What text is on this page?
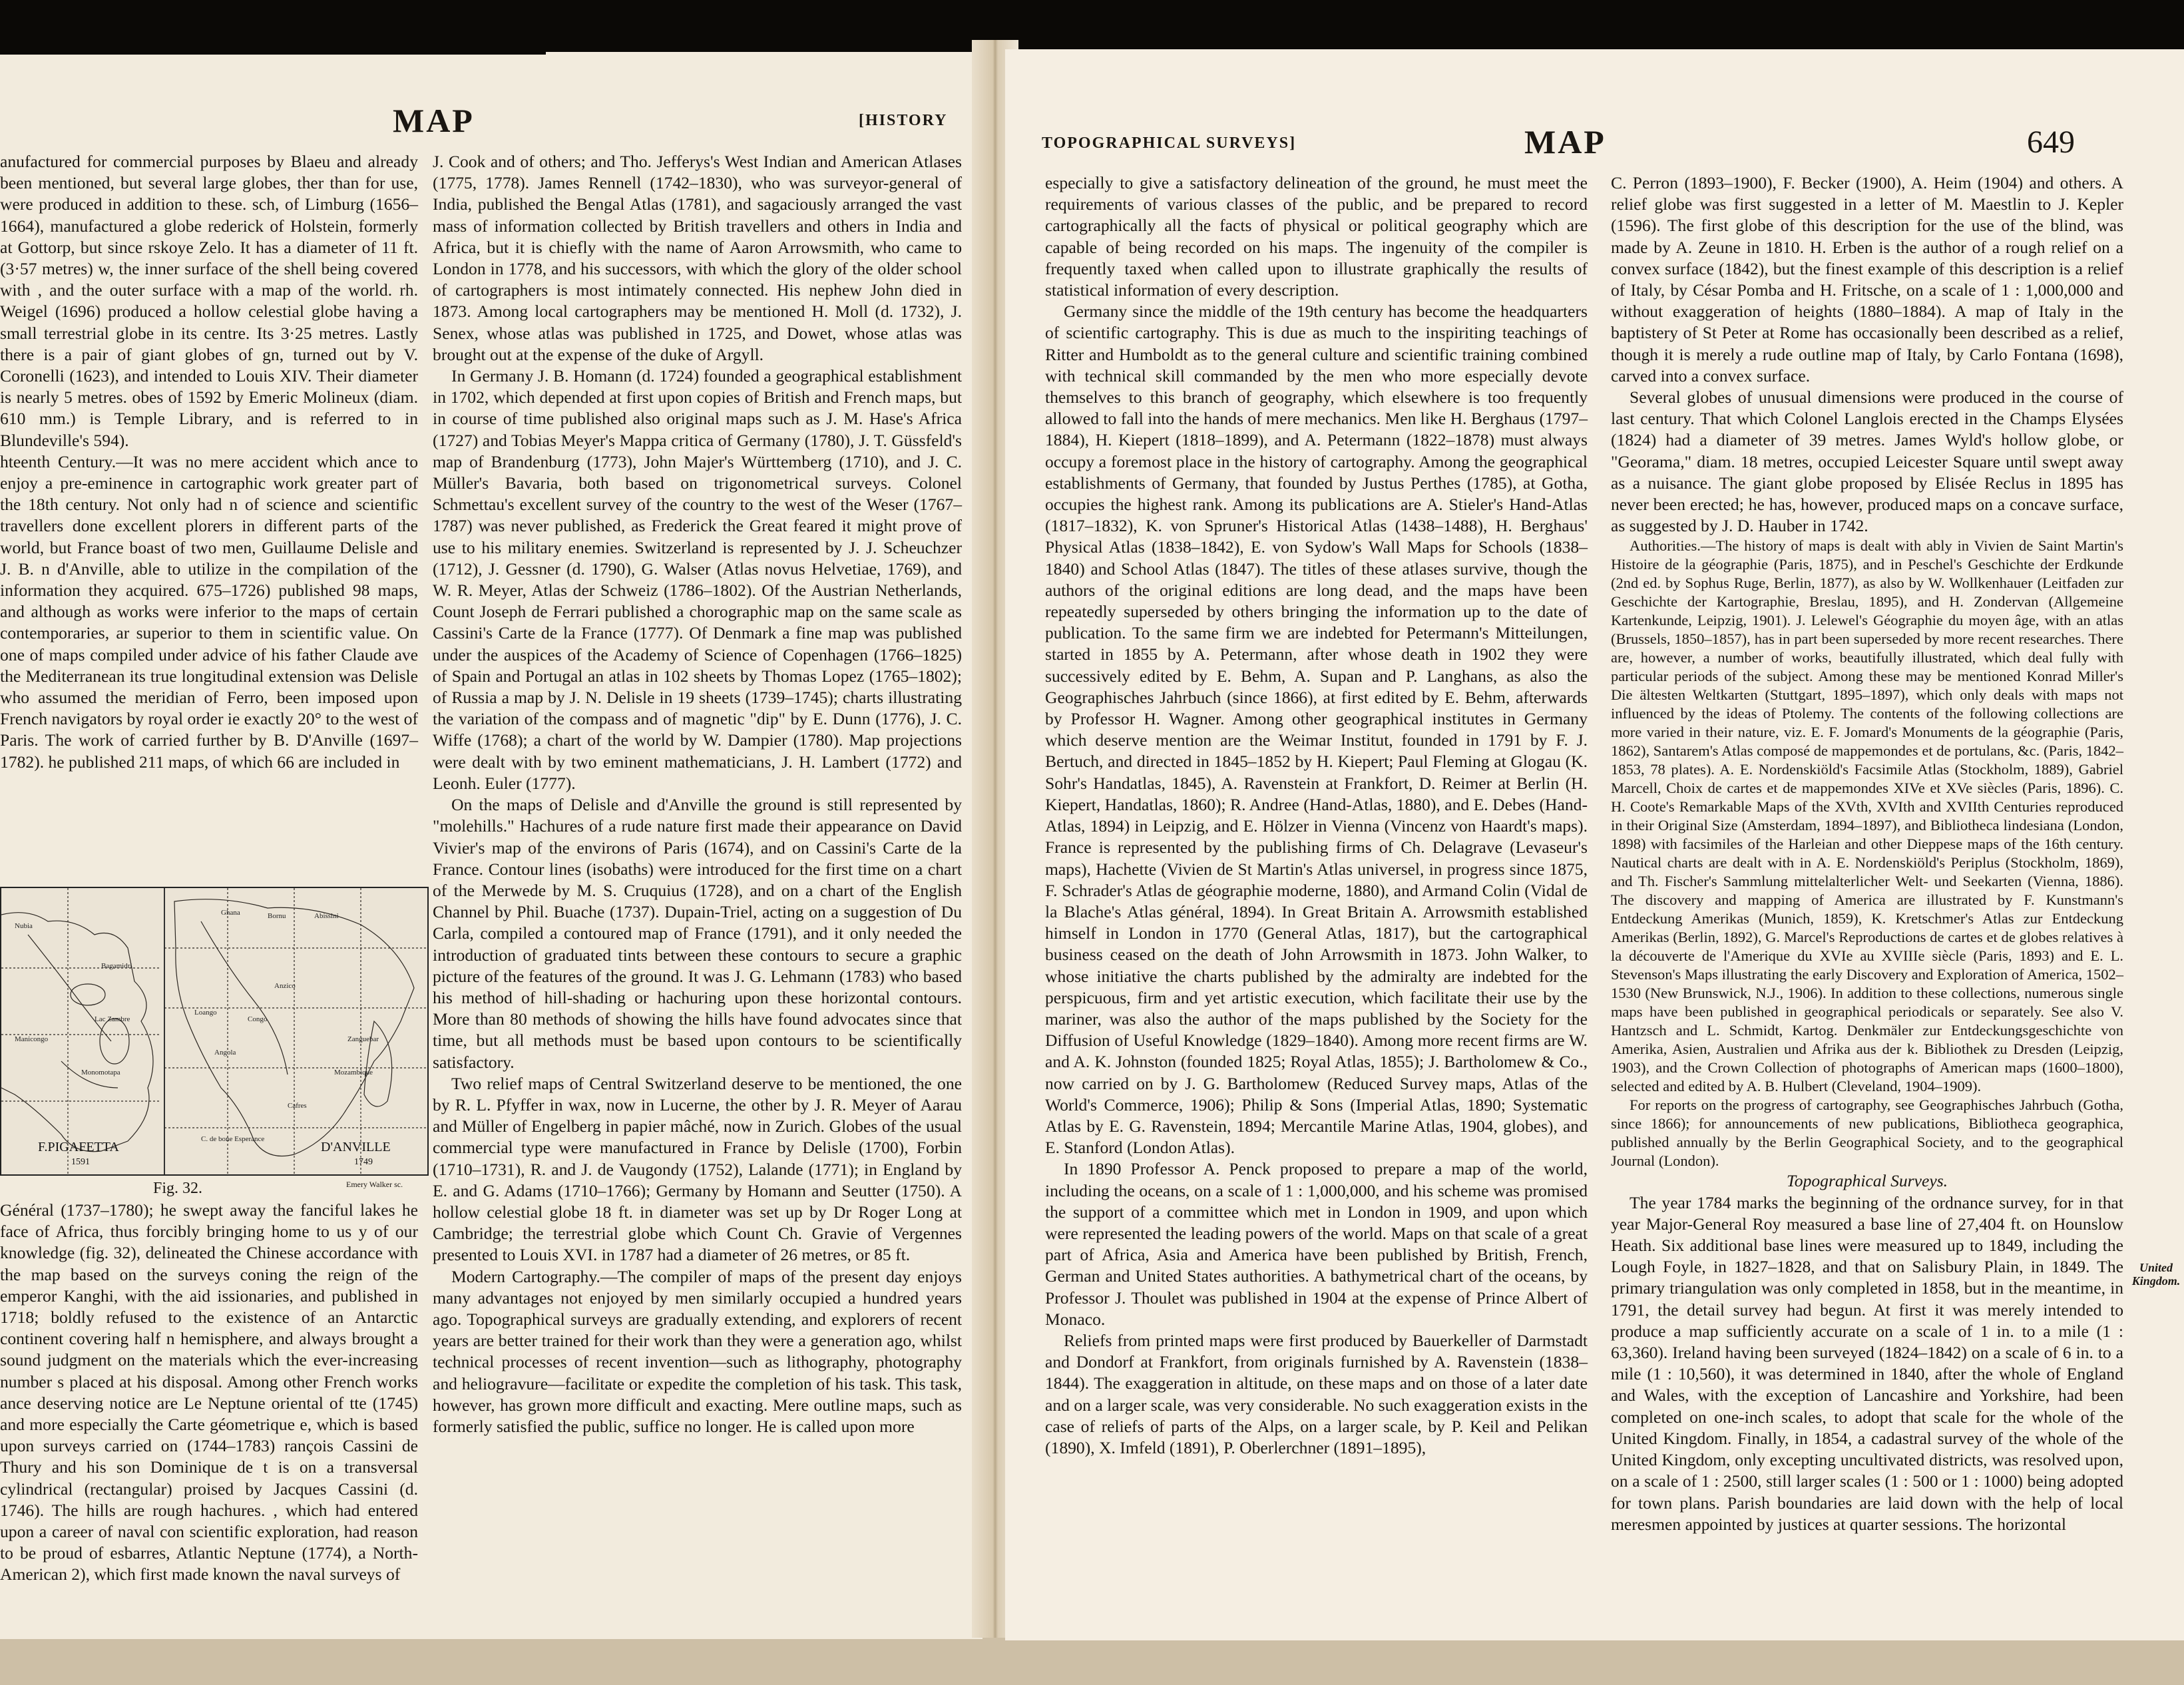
MAP	[HISTORY

anufactured for commercial purposes by Blaeu and already been mentioned, but several large globes, ther than for use, were produced in addition to these. sch, of Limburg (1656–1664), manufactured a globe rederick of Holstein, formerly at Gottorp, but since rskoye Zelo. It has a diameter of 11 ft. (3·57 metres) w, the inner surface of the shell being covered with , and the outer surface with a map of the world. rh. Weigel (1696) produced a hollow celestial globe having a small terrestrial globe in its centre. Its 3·25 metres. Lastly there is a pair of giant globes of gn, turned out by V. Coronelli (1623), and intended to Louis XIV. Their diameter is nearly 5 metres. obes of 1592 by Emeric Molineux (diam. 610 mm.) is Temple Library, and is referred to in Blundeville's 594).

hteenth Century.—It was no mere accident which ance to enjoy a pre-eminence in cartographic work greater part of the 18th century. Not only had n of science and scientific travellers done excellent plorers in different parts of the world, but France boast of two men, Guillaume Delisle and J. B. n d'Anville, able to utilize in the compilation of the information they acquired. 675–1726) published 98 maps, and although as works were inferior to the maps of certain contemporaries, ar superior to them in scientific value. On one of maps compiled under advice of his father Claude ave the Mediterranean its true longitudinal extension was Delisle who assumed the meridian of Ferro, been imposed upon French navigators by royal order ie exactly 20° to the west of Paris. The work of carried further by B. D'Anville (1697–1782). he published 211 maps, of which 66 are included in

Nubia
Abissini
Ghana	Bornu
Loango
Congo
Angola
Monomotapa	Mozambique
Cafres
Manicongo
Anzico
Lac Zambre
Bagamidri
Zanguebar
C. de bone Esperance
F.PIGAFETTA
1591
D'ANVILLE
1749
Fig. 32.	Emery Walker sc.

Général (1737–1780); he swept away the fanciful lakes he face of Africa, thus forcibly bringing home to us y of our knowledge (fig. 32), delineated the Chinese accordance with the map based on the surveys coning the reign of the emperor Kanghi, with the aid issionaries, and published in 1718; boldly refused to the existence of an Antarctic continent covering half n hemisphere, and always brought a sound judgment on the materials which the ever-increasing number s placed at his disposal. Among other French works ance deserving notice are Le Neptune oriental of tte (1745) and more especially the Carte géometrique e, which is based upon surveys carried on (1744–1783) rançois Cassini de Thury and his son Dominique de t is on a transversal cylindrical (rectangular) proised by Jacques Cassini (d. 1746). The hills are rough hachures. , which had entered upon a career of naval con scientific exploration, had reason to be proud of esbarres, Atlantic Neptune (1774), a North-American 2), which first made known the naval surveys of

J. Cook and of others; and Tho. Jefferys's West Indian and American Atlases (1775, 1778). James Rennell (1742–1830), who was surveyor-general of India, published the Bengal Atlas (1781), and sagaciously arranged the vast mass of information collected by British travellers and others in India and Africa, but it is chiefly with the name of Aaron Arrowsmith, who came to London in 1778, and his successors, with which the glory of the older school of cartographers is most intimately connected. His nephew John died in 1873. Among local cartographers may be mentioned H. Moll (d. 1732), J. Senex, whose atlas was published in 1725, and Dowet, whose atlas was brought out at the expense of the duke of Argyll.

In Germany J. B. Homann (d. 1724) founded a geographical establishment in 1702, which depended at first upon copies of British and French maps, but in course of time published also original maps such as J. M. Hase's Africa (1727) and Tobias Meyer's Mappa critica of Germany (1780), J. T. Güssfeld's map of Brandenburg (1773), John Majer's Württemberg (1710), and J. C. Müller's Bavaria, both based on trigonometrical surveys. Colonel Schmettau's excellent survey of the country to the west of the Weser (1767–1787) was never published, as Frederick the Great feared it might prove of use to his military enemies. Switzerland is represented by J. J. Scheuchzer (1712), J. Gessner (d. 1790), G. Walser (Atlas novus Helvetiae, 1769), and W. R. Meyer, Atlas der Schweiz (1786–1802). Of the Austrian Netherlands, Count Joseph de Ferrari published a chorographic map on the same scale as Cassini's Carte de la France (1777). Of Denmark a fine map was published under the auspices of the Academy of Science of Copenhagen (1766–1825) of Spain and Portugal an atlas in 102 sheets by Thomas Lopez (1765–1802); of Russia a map by J. N. Delisle in 19 sheets (1739–1745); charts illustrating the variation of the compass and of magnetic "dip" by E. Dunn (1776), J. C. Wiffe (1768); a chart of the world by W. Dampier (1780). Map projections were dealt with by two eminent mathematicians, J. H. Lambert (1772) and Leonh. Euler (1777).

On the maps of Delisle and d'Anville the ground is still represented by "molehills." Hachures of a rude nature first made their appearance on David Vivier's map of the environs of Paris (1674), and on Cassini's Carte de la France. Contour lines (isobaths) were introduced for the first time on a chart of the Merwede by M. S. Cruquius (1728), and on a chart of the English Channel by Phil. Buache (1737). Dupain-Triel, acting on a suggestion of Du Carla, compiled a contoured map of France (1791), and it only needed the introduction of graduated tints between these contours to secure a graphic picture of the features of the ground. It was J. G. Lehmann (1783) who based his method of hill-shading or hachuring upon these horizontal contours. More than 80 methods of showing the hills have found advocates since that time, but all methods must be based upon contours to be scientifically satisfactory.

Two relief maps of Central Switzerland deserve to be mentioned, the one by R. L. Pfyffer in wax, now in Lucerne, the other by J. R. Meyer of Aarau and Müller of Engelberg in papier mâché, now in Zurich. Globes of the usual commercial type were manufactured in France by Delisle (1700), Forbin (1710–1731), R. and J. de Vaugondy (1752), Lalande (1771); in England by E. and G. Adams (1710–1766); Germany by Homann and Seutter (1750). A hollow celestial globe 18 ft. in diameter was set up by Dr Roger Long at Cambridge; the terrestrial globe which Count Ch. Gravie of Vergennes presented to Louis XVI. in 1787 had a diameter of 26 metres, or 85 ft.

Modern Cartography.—The compiler of maps of the present day enjoys many advantages not enjoyed by men similarly occupied a hundred years ago. Topographical surveys are gradually extending, and explorers of recent years are better trained for their work than they were a generation ago, whilst technical processes of recent invention—such as lithography, photography and heliogravure—facilitate or expedite the completion of his task. This task, however, has grown more difficult and exacting. Mere outline maps, such as formerly satisfied the public, suffice no longer. He is called upon more

TOPOGRAPHICAL SURVEYS]	MAP	649

especially to give a satisfactory delineation of the ground, he must meet the requirements of various classes of the public, and be prepared to record cartographically all the facts of physical or political geography which are capable of being recorded on his maps. The ingenuity of the compiler is frequently taxed when called upon to illustrate graphically the results of statistical information of every description.

Germany since the middle of the 19th century has become the headquarters of scientific cartography. This is due as much to the inspiriting teachings of Ritter and Humboldt as to the general culture and scientific training combined with technical skill commanded by the men who more especially devote themselves to this branch of geography, which elsewhere is too frequently allowed to fall into the hands of mere mechanics. Men like H. Berghaus (1797–1884), H. Kiepert (1818–1899), and A. Petermann (1822–1878) must always occupy a foremost place in the history of cartography. Among the geographical establishments of Germany, that founded by Justus Perthes (1785), at Gotha, occupies the highest rank. Among its publications are A. Stieler's Hand-Atlas (1817–1832), K. von Spruner's Historical Atlas (1438–1488), H. Berghaus' Physical Atlas (1838–1842), E. von Sydow's Wall Maps for Schools (1838–1840) and School Atlas (1847). The titles of these atlases survive, though the authors of the original editions are long dead, and the maps have been repeatedly superseded by others bringing the information up to the date of publication. To the same firm we are indebted for Petermann's Mitteilungen, started in 1855 by A. Petermann, after whose death in 1902 they were successively edited by E. Behm, A. Supan and P. Langhans, as also the Geographisches Jahrbuch (since 1866), at first edited by E. Behm, afterwards by Professor H. Wagner. Among other geographical institutes in Germany which deserve mention are the Weimar Institut, founded in 1791 by F. J. Bertuch, and directed in 1845–1852 by H. Kiepert; Paul Fleming at Glogau (K. Sohr's Handatlas, 1845), A. Ravenstein at Frankfort, D. Reimer at Berlin (H. Kiepert, Handatlas, 1860); R. Andree (Hand-Atlas, 1880), and E. Debes (Hand-Atlas, 1894) in Leipzig, and E. Hölzer in Vienna (Vincenz von Haardt's maps). France is represented by the publishing firms of Ch. Delagrave (Levaseur's maps), Hachette (Vivien de St Martin's Atlas universel, in progress since 1875, F. Schrader's Atlas de géographie moderne, 1880), and Armand Colin (Vidal de la Blache's Atlas général, 1894). In Great Britain A. Arrowsmith established himself in London in 1770 (General Atlas, 1817), but the cartographical business ceased on the death of John Arrowsmith in 1873. John Walker, to whose initiative the charts published by the admiralty are indebted for the perspicuous, firm and yet artistic execution, which facilitate their use by the mariner, was also the author of the maps published by the Society for the Diffusion of Useful Knowledge (1829–1840). Among more recent firms are W. and A. K. Johnston (founded 1825; Royal Atlas, 1855); J. Bartholomew & Co., now carried on by J. G. Bartholomew (Reduced Survey maps, Atlas of the World's Commerce, 1906); Philip & Sons (Imperial Atlas, 1890; Systematic Atlas by E. G. Ravenstein, 1894; Mercantile Marine Atlas, 1904, globes), and E. Stanford (London Atlas).

In 1890 Professor A. Penck proposed to prepare a map of the world, including the oceans, on a scale of 1 : 1,000,000, and his scheme was promised the support of a committee which met in London in 1909, and upon which were represented the leading powers of the world. Maps on that scale of a great part of Africa, Asia and America have been published by British, French, German and United States authorities. A bathymetrical chart of the oceans, by Professor J. Thoulet was published in 1904 at the expense of Prince Albert of Monaco.

Reliefs from printed maps were first produced by Bauerkeller of Darmstadt and Dondorf at Frankfort, from originals furnished by A. Ravenstein (1838–1844). The exaggeration in altitude, on these maps and on those of a later date and on a larger scale, was very considerable. No such exaggeration exists in the case of reliefs of parts of the Alps, on a larger scale, by P. Keil and Pelikan (1890), X. Imfeld (1891), P. Oberlerchner (1891–1895),

C. Perron (1893–1900), F. Becker (1900), A. Heim (1904) and others. A relief globe was first suggested in a letter of M. Maestlin to J. Kepler (1596). The first globe of this description for the use of the blind, was made by A. Zeune in 1810. H. Erben is the author of a rough relief on a convex surface (1842), but the finest example of this description is a relief of Italy, by César Pomba and H. Fritsche, on a scale of 1 : 1,000,000 and without exaggeration of heights (1880–1884). A map of Italy in the baptistery of St Peter at Rome has occasionally been described as a relief, though it is merely a rude outline map of Italy, by Carlo Fontana (1698), carved into a convex surface.

Several globes of unusual dimensions were produced in the course of last century. That which Colonel Langlois erected in the Champs Elysées (1824) had a diameter of 39 metres. James Wyld's hollow globe, or "Georama," diam. 18 metres, occupied Leicester Square until swept away as a nuisance. The giant globe proposed by Elisée Reclus in 1895 has never been erected; he has, however, produced maps on a concave surface, as suggested by J. D. Hauber in 1742.

Authorities.—The history of maps is dealt with ably in Vivien de Saint Martin's Histoire de la géographie (Paris, 1875), and in Peschel's Geschichte der Erdkunde (2nd ed. by Sophus Ruge, Berlin, 1877), as also by W. Wollkenhauer (Leitfaden zur Geschichte der Kartographie, Breslau, 1895), and H. Zondervan (Allgemeine Kartenkunde, Leipzig, 1901). J. Lelewel's Géographie du moyen âge, with an atlas (Brussels, 1850–1857), has in part been superseded by more recent researches. There are, however, a number of works, beautifully illustrated, which deal fully with particular periods of the subject. Among these may be mentioned Konrad Miller's Die ältesten Weltkarten (Stuttgart, 1895–1897), which only deals with maps not influenced by the ideas of Ptolemy. The contents of the following collections are more varied in their nature, viz. E. F. Jomard's Monuments de la géographie (Paris, 1862), Santarem's Atlas composé de mappemondes et de portulans, &c. (Paris, 1842–1853, 78 plates). A. E. Nordenskiöld's Facsimile Atlas (Stockholm, 1889), Gabriel Marcell, Choix de cartes et de mappemondes XIVe et XVe siècles (Paris, 1896). C. H. Coote's Remarkable Maps of the XVth, XVIth and XVIIth Centuries reproduced in their Original Size (Amsterdam, 1894–1897), and Bibliotheca lindesiana (London, 1898) with facsimiles of the Harleian and other Dieppese maps of the 16th century. Nautical charts are dealt with in A. E. Nordenskiöld's Periplus (Stockholm, 1869), and Th. Fischer's Sammlung mittelalterlicher Welt- und Seekarten (Vienna, 1886). The discovery and mapping of America are illustrated by F. Kunstmann's Entdeckung Amerikas (Munich, 1859), K. Kretschmer's Atlas zur Entdeckung Amerikas (Berlin, 1892), G. Marcel's Reproductions de cartes et de globes relatives à la découverte de l'Amerique du XVIe au XVIIIe siècle (Paris, 1893) and E. L. Stevenson's Maps illustrating the early Discovery and Exploration of America, 1502–1530 (New Brunswick, N.J., 1906). In addition to these collections, numerous single maps have been published in geographical periodicals or separately. See also V. Hantzsch and L. Schmidt, Kartog. Denkmäler zur Entdeckungsgeschichte von Amerika, Asien, Australien und Afrika aus der k. Bibliothek zu Dresden (Leipzig, 1903), and the Crown Collection of photographs of American maps (1600–1800), selected and edited by A. B. Hulbert (Cleveland, 1904–1909).

For reports on the progress of cartography, see Geographisches Jahrbuch (Gotha, since 1866); for announcements of new publications, Bibliotheca geographica, published annually by the Berlin Geographical Society, and to the geographical Journal (London).

Topographical Surveys.

The year 1784 marks the beginning of the ordnance survey, for in that year Major-General Roy measured a base line of 27,404 ft. on Hounslow Heath. Six additional base lines were measured up to 1849, including the Lough Foyle, in 1827–1828, and that on Salisbury Plain, in 1849. The primary triangulation was only completed in 1858, but in the meantime, in 1791, the detail survey had begun. At first it was merely intended to produce a map sufficiently accurate on a scale of 1 in. to a mile (1 : 63,360). Ireland having been surveyed (1824–1842) on a scale of 6 in. to a mile (1 : 10,560), it was determined in 1840, after the whole of England and Wales, with the exception of Lancashire and Yorkshire, had been completed on one-inch scales, to adopt that scale for the whole of the United Kingdom. Finally, in 1854, a cadastral survey of the whole of the United Kingdom, only excepting uncultivated districts, was resolved upon, on a scale of 1 : 2500, still larger scales (1 : 500 or 1 : 1000) being adopted for town plans. Parish boundaries are laid down with the help of local meresmen appointed by justices at quarter sessions. The horizontal

United Kingdom.
